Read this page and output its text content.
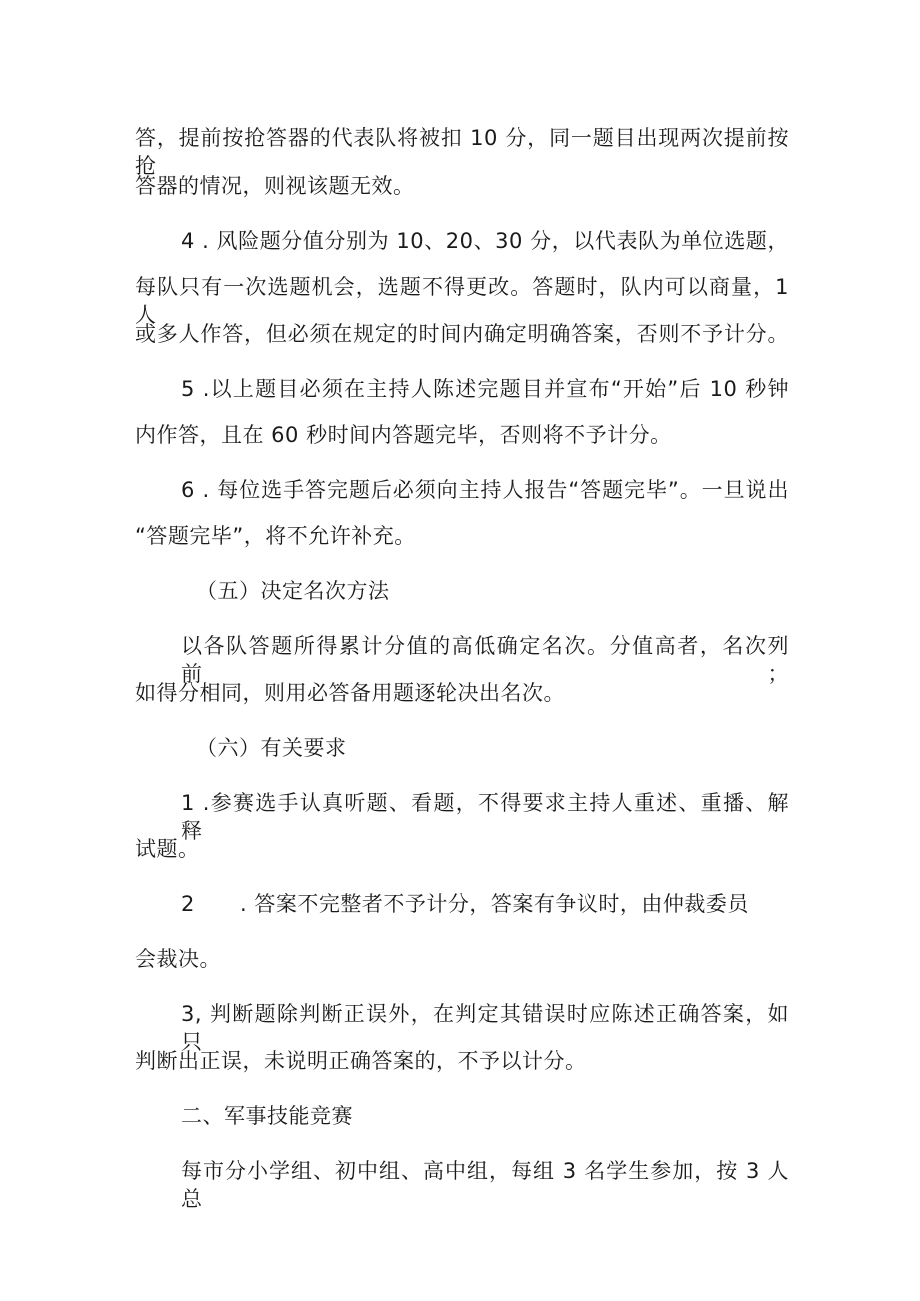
答，提前按抢答器的代表队将被扣 10 分，同一题目出现两次提前按抢
答器的情况，则视该题无效。
4 . 风险题分值分别为 10、20、30 分，以代表队为单位选题，
每队只有一次选题机会，选题不得更改。答题时，队内可以商量，1 人
或多人作答，但必须在规定的时间内确定明确答案，否则不予计分。
5 .以上题目必须在主持人陈述完题目并宣布“开始”后 10 秒钟
内作答，且在 60 秒时间内答题完毕，否则将不予计分。
6 . 每位选手答完题后必须向主持人报告“答题完毕”。一旦说出
“答题完毕”，将不允许补充。
（五）决定名次方法
以各队答题所得累计分值的高低确定名次。分值高者，名次列前；
如得分相同，则用必答备用题逐轮决出名次。
（六）有关要求
1 .参赛选手认真听题、看题，不得要求主持人重述、重播、解释
试题。
2 . 答案不完整者不予计分，答案有争议时，由仲裁委员
会裁决。
3, 判断题除判断正误外，在判定其错误时应陈述正确答案，如只
判断出正误，未说明正确答案的，不予以计分。
二、军事技能竞赛
每市分小学组、初中组、高中组，每组 3 名学生参加，按 3 人总
